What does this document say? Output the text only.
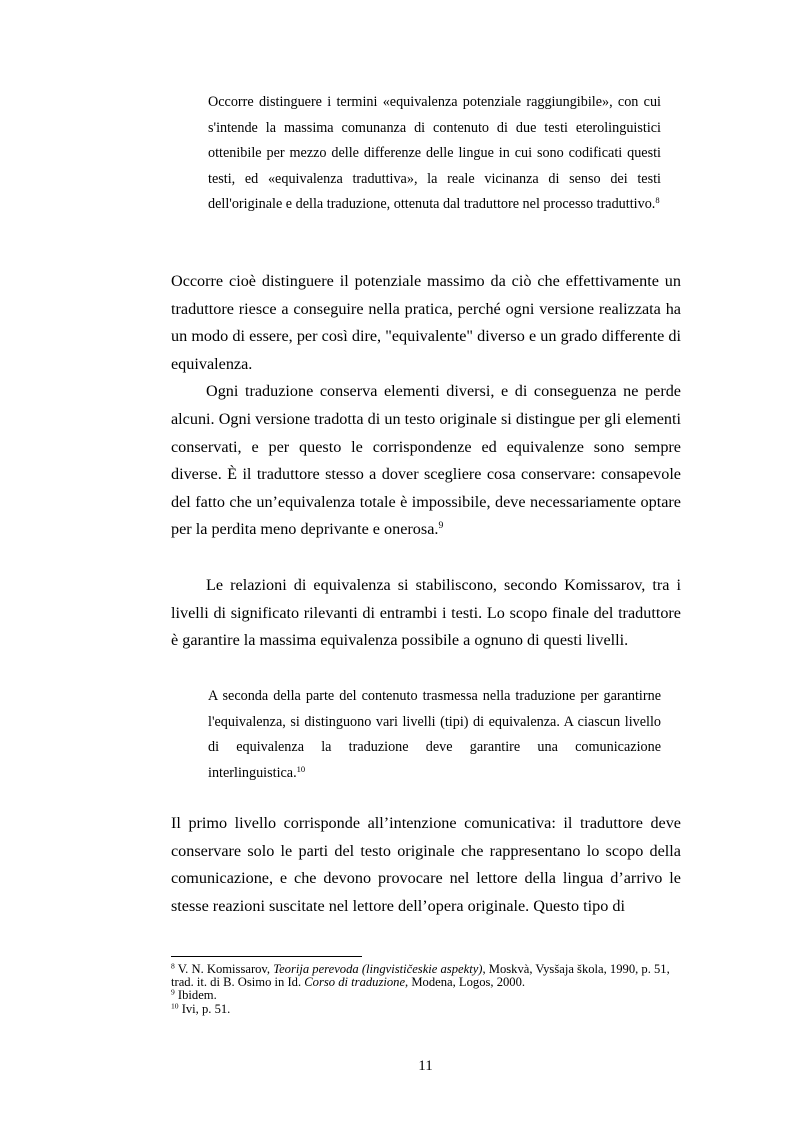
Occorre distinguere i termini «equivalenza potenziale raggiungibile», con cui s'intende la massima comunanza di contenuto di due testi eterolinguistici ottenibile per mezzo delle differenze delle lingue in cui sono codificati questi testi, ed «equivalenza traduttiva», la reale vicinanza di senso dei testi dell'originale e della traduzione, ottenuta dal traduttore nel processo traduttivo.$^8$

Occorre cioè distinguere il potenziale massimo da ciò che effettivamente un traduttore riesce a conseguire nella pratica, perché ogni versione realizzata ha un modo di essere, per così dire, "equivalente" diverso e un grado differente di equivalenza.

Ogni traduzione conserva elementi diversi, e di conseguenza ne perde alcuni. Ogni versione tradotta di un testo originale si distingue per gli elementi conservati, e per questo le corrispondenze ed equivalenze sono sempre diverse. È il traduttore stesso a dover scegliere cosa conservare: consapevole del fatto che un’equivalenza totale è impossibile, deve necessariamente optare per la perdita meno deprivante e onerosa.$^9$

Le relazioni di equivalenza si stabiliscono, secondo Komissarov, tra i livelli di significato rilevanti di entrambi i testi. Lo scopo finale del traduttore è garantire la massima equivalenza possibile a ognuno di questi livelli.

A seconda della parte del contenuto trasmessa nella traduzione per garantirne l'equivalenza, si distinguono vari livelli (tipi) di equivalenza. A ciascun livello di equivalenza la traduzione deve garantire una comunicazione interlinguistica.$^{10}$

Il primo livello corrisponde all’intenzione comunicativa: il traduttore deve conservare solo le parti del testo originale che rappresentano lo scopo della comunicazione, e che devono provocare nel lettore della lingua d’arrivo le stesse reazioni suscitate nel lettore dell’opera originale. Questo tipo di

$^8$ V. N. Komissarov, Teorija perevoda (lingvističeskie aspekty), Moskvà, Vysšaja škola, 1990, p. 51, trad. it. di B. Osimo in Id. Corso di traduzione, Modena, Logos, 2000.

$^9$ Ibidem.

$^{10}$ Ivi, p. 51.

11
